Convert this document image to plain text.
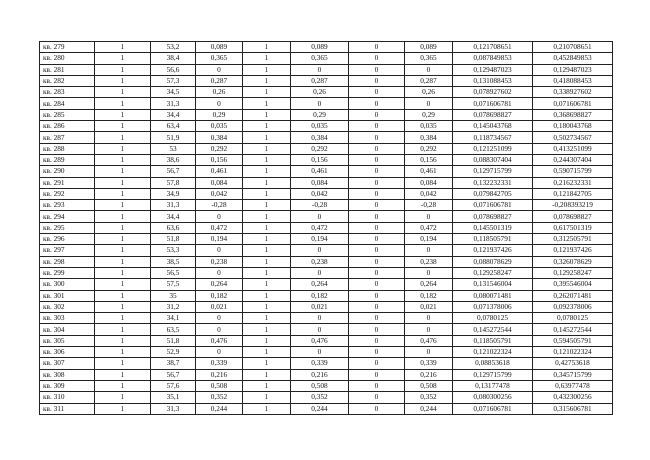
кв. 279	1	53,2	0,089	1	0,089	0	0,089	0,121708651	0,210708651
кв. 280	1	38,4	0,365	1	0,365	0	0,365	0,087849853	0,452849853
кв. 281	1	56,6	0	1	0	0	0	0,129487023	0,129487023
кв. 282	1	57,3	0,287	1	0,287	0	0,287	0,131088453	0,418088453
кв. 283	1	34,5	0,26	1	0,26	0	0,26	0,078927602	0,338927602
кв. 284	1	31,3	0	1	0	0	0	0,071606781	0,071606781
кв. 285	1	34,4	0,29	1	0,29	0	0,29	0,078698827	0,368698827
кв. 286	1	63,4	0,035	1	0,035	0	0,035	0,145043768	0,180043768
кв. 287	1	51,9	0,384	1	0,384	0	0,384	0,118734567	0,502734567
кв. 288	1	53	0,292	1	0,292	0	0,292	0,121251099	0,413251099
кв. 289	1	38,6	0,156	1	0,156	0	0,156	0,088307404	0,244307404
кв. 290	1	56,7	0,461	1	0,461	0	0,461	0,129715799	0,590715799
кв. 291	1	57,8	0,084	1	0,084	0	0,084	0,132232331	0,216232331
кв. 292	1	34,9	0,042	1	0,042	0	0,042	0,079842705	0,121842705
кв. 293	1	31,3	-0,28	1	-0,28	0	-0,28	0,071606781	-0,208393219
кв. 294	1	34,4	0	1	0	0	0	0,078698827	0,078698827
кв. 295	1	63,6	0,472	1	0,472	0	0,472	0,145501319	0,617501319
кв. 296	1	51,8	0,194	1	0,194	0	0,194	0,118505791	0,312505791
кв. 297	1	53,3	0	1	0	0	0	0,121937426	0,121937426
кв. 298	1	38,5	0,238	1	0,238	0	0,238	0,088078629	0,326078629
кв. 299	1	56,5	0	1	0	0	0	0,129258247	0,129258247
кв. 300	1	57,5	0,264	1	0,264	0	0,264	0,131546004	0,395546004
кв. 301	1	35	0,182	1	0,182	0	0,182	0,080071481	0,262071481
кв. 302	1	31,2	0,021	1	0,021	0	0,021	0,071378006	0,092378006
кв. 303	1	34,1	0	1	0	0	0	0,0780125	0,0780125
кв. 304	1	63,5	0	1	0	0	0	0,145272544	0,145272544
кв. 305	1	51,8	0,476	1	0,476	0	0,476	0,118505791	0,594505791
кв. 306	1	52,9	0	1	0	0	0	0,121022324	0,121022324
кв. 307	1	38,7	0,339	1	0,339	0	0,339	0,08853618	0,42753618
кв. 308	1	56,7	0,216	1	0,216	0	0,216	0,129715799	0,345715799
кв. 309	1	57,6	0,508	1	0,508	0	0,508	0,13177478	0,63977478
кв. 310	1	35,1	0,352	1	0,352	0	0,352	0,080300256	0,432300256
кв. 311	1	31,3	0,244	1	0,244	0	0,244	0,071606781	0,315606781
